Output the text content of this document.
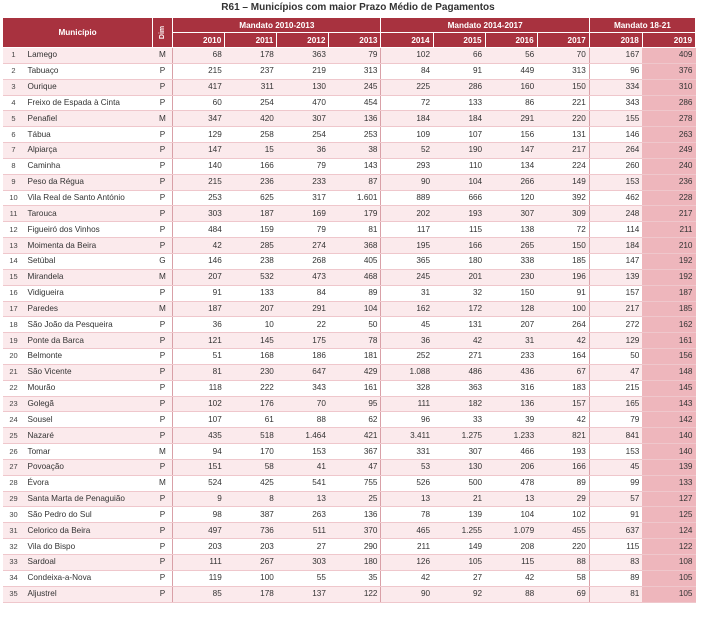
R61 – Municípios com maior Prazo Médio de Pagamentos
Município		Dim	Mandato 2010-2013				Mandato 2014-2017				Mandato 18-21	
			2010	2011	2012	2013	2014	2015	2016	2017	2018	2019
1	Lamego	M	68	178	363	79	102	66	56	70	167	409
2	Tabuaço	P	215	237	219	313	84	91	449	313	96	376
3	Ourique	P	417	311	130	245	225	286	160	150	334	310
4	Freixo de Espada à Cinta	P	60	254	470	454	72	133	86	221	343	286
5	Penafiel	M	347	420	307	136	184	184	291	220	155	278
6	Tábua	P	129	258	254	253	109	107	156	131	146	263
7	Alpiarça	P	147	15	36	38	52	190	147	217	264	249
8	Caminha	P	140	166	79	143	293	110	134	224	260	240
9	Peso da Régua	P	215	236	233	87	90	104	266	149	153	236
10	Vila Real de Santo António	P	253	625	317	1.601	889	666	120	392	462	228
11	Tarouca	P	303	187	169	179	202	193	307	309	248	217
12	Figueiró dos Vinhos	P	484	159	79	81	117	115	138	72	114	211
13	Moimenta da Beira	P	42	285	274	368	195	166	265	150	184	210
14	Setúbal	G	146	238	268	405	365	180	338	185	147	192
15	Mirandela	M	207	532	473	468	245	201	230	196	139	192
16	Vidigueira	P	91	133	84	89	31	32	150	91	157	187
17	Paredes	M	187	207	291	104	162	172	128	100	217	185
18	São João da Pesqueira	P	36	10	22	50	45	131	207	264	272	162
19	Ponte da Barca	P	121	145	175	78	36	42	31	42	129	161
20	Belmonte	P	51	168	186	181	252	271	233	164	50	156
21	São Vicente	P	81	230	647	429	1.088	486	436	67	47	148
22	Mourão	P	118	222	343	161	328	363	316	183	215	145
23	Golegã	P	102	176	70	95	111	182	136	157	165	143
24	Sousel	P	107	61	88	62	96	33	39	42	79	142
25	Nazaré	P	435	518	1.464	421	3.411	1.275	1.233	821	841	140
26	Tomar	M	94	170	153	367	331	307	466	193	153	140
27	Povoação	P	151	58	41	47	53	130	206	166	45	139
28	Évora	M	524	425	541	755	526	500	478	89	99	133
29	Santa Marta de Penaguião	P	9	8	13	25	13	21	13	29	57	127
30	São Pedro do Sul	P	98	387	263	136	78	139	104	102	91	125
31	Celorico da Beira	P	497	736	511	370	465	1.255	1.079	455	637	124
32	Vila do Bispo	P	203	203	27	290	211	149	208	220	115	122
33	Sardoal	P	111	267	303	180	126	105	115	88	83	108
34	Condeixa-a-Nova	P	119	100	55	35	42	27	42	58	89	105
35	Aljustrel	P	85	178	137	122	90	92	88	69	81	105
